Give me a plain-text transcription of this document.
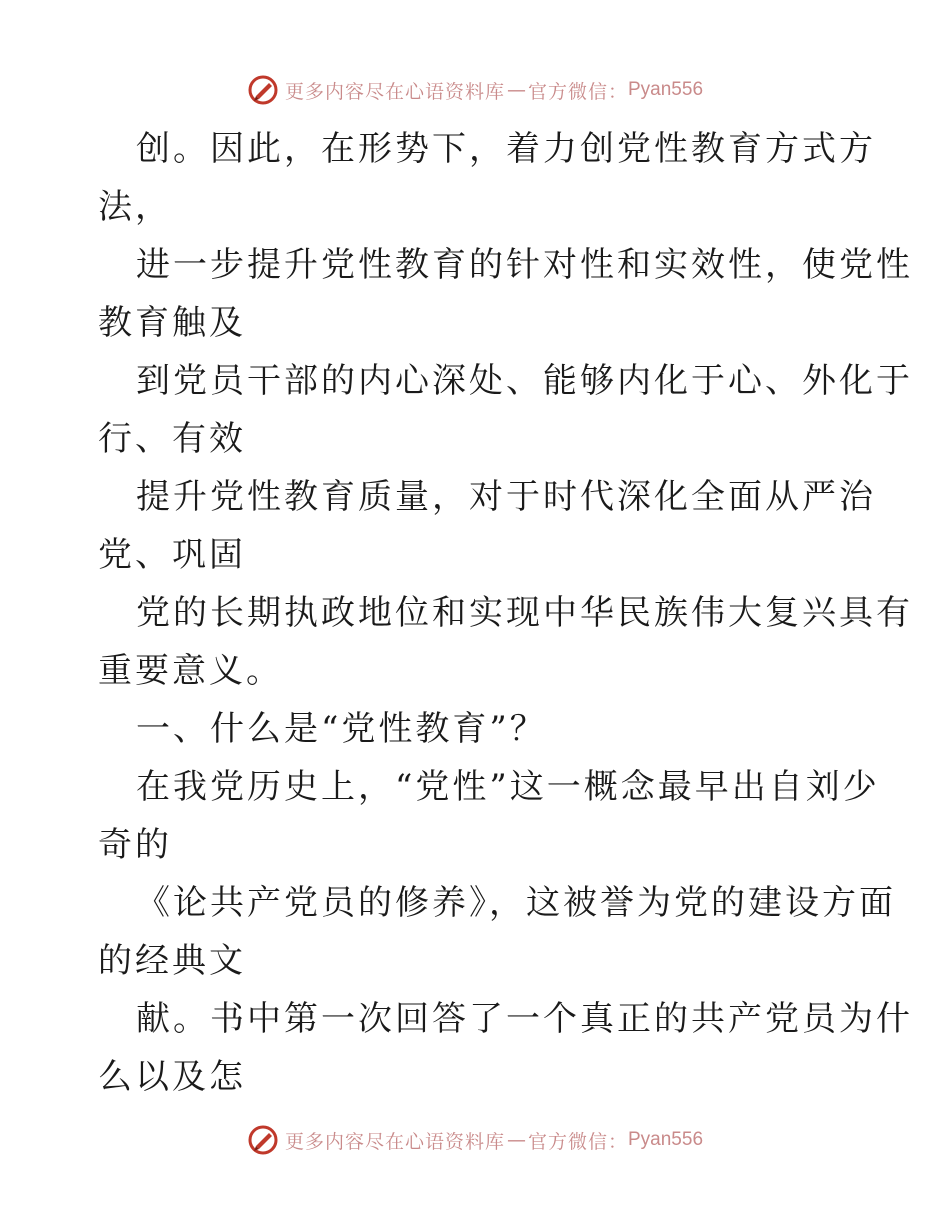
更多内容尽在心语资料库 — 官方微信： Pyan556
创。因此，在形势下，着力创党性教育方式方
法，
进一步提升党性教育的针对性和实效性，使党性
教育触及
到党员干部的内心深处、能够内化于心、外化于
行、有效
提升党性教育质量，对于时代深化全面从严治
党、巩固
党的长期执政地位和实现中华民族伟大复兴具有
重要意义。
一、什么是“党性教育”？
在我党历史上，“党性”这一概念最早出自刘少
奇的
《论共产党员的修养》，这被誉为党的建设方面
的经典文
献。书中第一次回答了一个真正的共产党员为什
么以及怎
更多内容尽在心语资料库 — 官方微信： Pyan556
